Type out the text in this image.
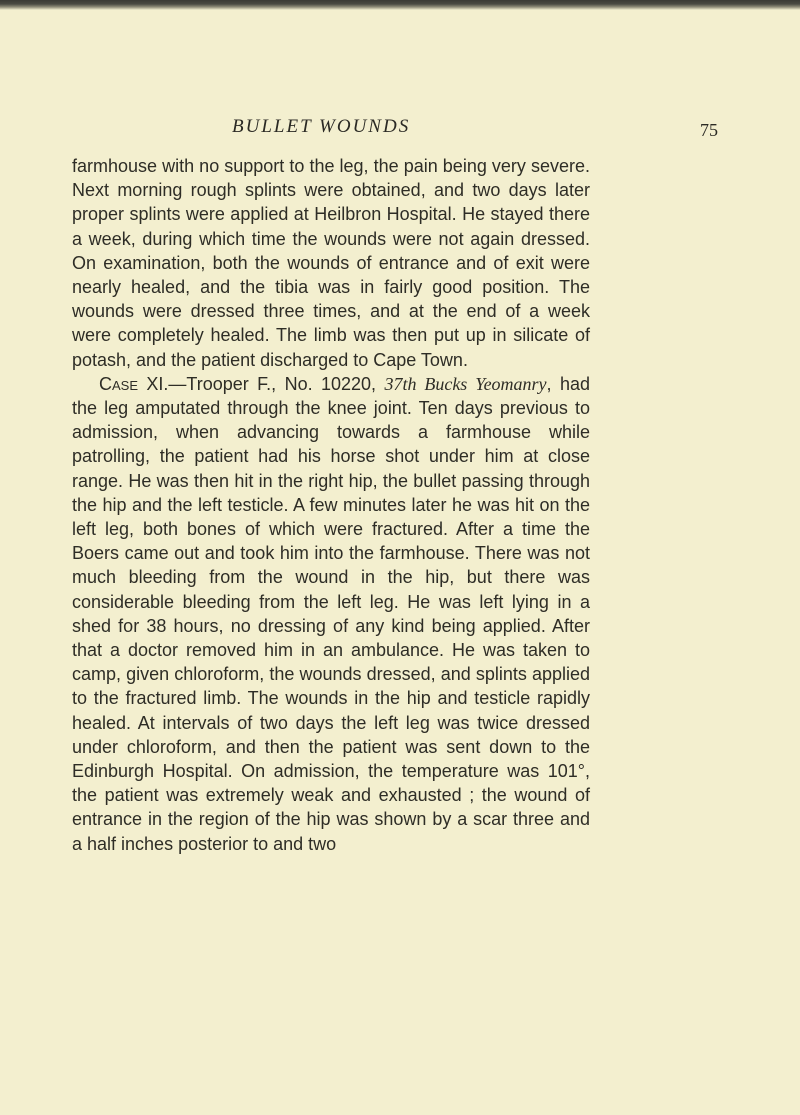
BULLET WOUNDS	75

farmhouse with no support to the leg, the pain being very severe. Next morning rough splints were obtained, and two days later proper splints were applied at Heilbron Hospital. He stayed there a week, during which time the wounds were not again dressed. On examination, both the wounds of entrance and of exit were nearly healed, and the tibia was in fairly good position. The wounds were dressed three times, and at the end of a week were completely healed. The limb was then put up in silicate of potash, and the patient discharged to Cape Town.

Case XI.—Trooper F., No. 10220, 37th Bucks Yeomanry, had the leg amputated through the knee joint. Ten days previous to admission, when advancing towards a farmhouse while patrolling, the patient had his horse shot under him at close range. He was then hit in the right hip, the bullet passing through the hip and the left testicle. A few minutes later he was hit on the left leg, both bones of which were fractured. After a time the Boers came out and took him into the farmhouse. There was not much bleeding from the wound in the hip, but there was considerable bleeding from the left leg. He was left lying in a shed for 38 hours, no dressing of any kind being applied. After that a doctor removed him in an ambulance. He was taken to camp, given chloroform, the wounds dressed, and splints applied to the fractured limb. The wounds in the hip and testicle rapidly healed. At intervals of two days the left leg was twice dressed under chloroform, and then the patient was sent down to the Edinburgh Hospital. On admission, the temperature was 101°, the patient was extremely weak and exhausted ; the wound of entrance in the region of the hip was shown by a scar three and a half inches posterior to and two
